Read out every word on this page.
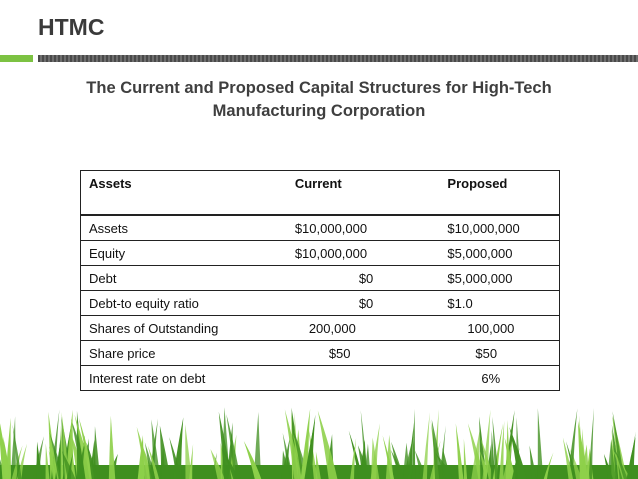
HTMC
The Current and Proposed Capital Structures for High-Tech
Manufacturing Corporation
Assets	Current	Proposed
Assets	$10,000,000	$10,000,000
Equity	$10,000,000	$5,000,000
Debt	$0	$5,000,000
Debt-to equity ratio	$0	$1.0
Shares of Outstanding	200,000	100,000
Share price	$50	$50
Interest rate on debt		6%
